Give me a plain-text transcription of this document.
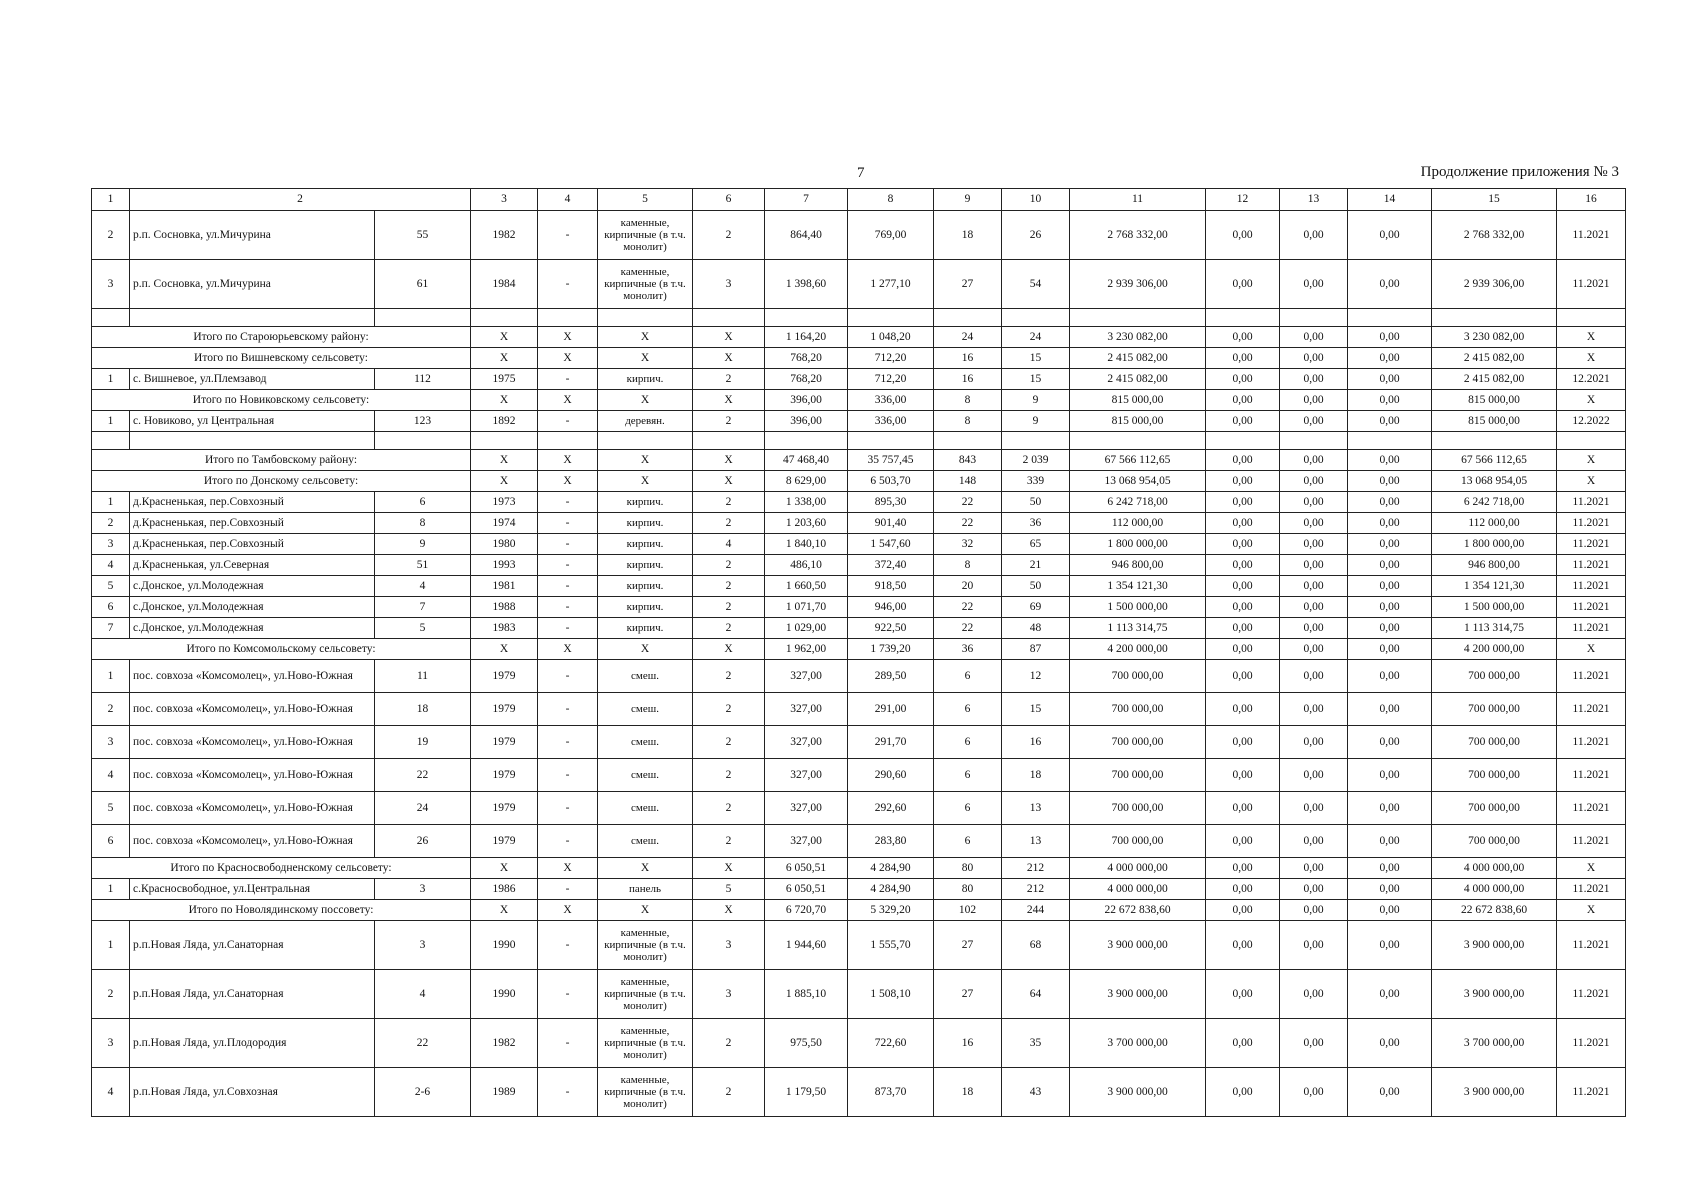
7	Продолжение приложения № 3
1	2		3	4	5	6	7	8	9	10	11	12	13	14	15	16
2	р.п. Сосновка, ул.Мичурина	55	1982	-	каменные, кирпичные (в т.ч. монолит)	2	864,40	769,00	18	26	2 768 332,00	0,00	0,00	0,00	2 768 332,00	11.2021
3	р.п. Сосновка, ул.Мичурина	61	1984	-	каменные, кирпичные (в т.ч. монолит)	3	1 398,60	1 277,10	27	54	2 939 306,00	0,00	0,00	0,00	2 939 306,00	11.2021

Итого по Староюрьевскому району:			X	X	X	X	1 164,20	1 048,20	24	24	3 230 082,00	0,00	0,00	0,00	3 230 082,00	X
Итого по Вишневскому сельсовету:			X	X	X	X	768,20	712,20	16	15	2 415 082,00	0,00	0,00	0,00	2 415 082,00	X
1	с. Вишневое, ул.Племзавод	112	1975	-	кирпич.	2	768,20	712,20	16	15	2 415 082,00	0,00	0,00	0,00	2 415 082,00	12.2021
Итого по Новиковскому сельсовету:			X	X	X	X	396,00	336,00	8	9	815 000,00	0,00	0,00	0,00	815 000,00	X
1	с. Новиково, ул Центральная	123	1892	-	деревян.	2	396,00	336,00	8	9	815 000,00	0,00	0,00	0,00	815 000,00	12.2022

Итого по Тамбовскому району:			X	X	X	X	47 468,40	35 757,45	843	2 039	67 566 112,65	0,00	0,00	0,00	67 566 112,65	X
Итого по Донскому сельсовету:			X	X	X	X	8 629,00	6 503,70	148	339	13 068 954,05	0,00	0,00	0,00	13 068 954,05	X
1	д.Красненькая, пер.Совхозный	6	1973	-	кирпич.	2	1 338,00	895,30	22	50	6 242 718,00	0,00	0,00	0,00	6 242 718,00	11.2021
2	д.Красненькая, пер.Совхозный	8	1974	-	кирпич.	2	1 203,60	901,40	22	36	112 000,00	0,00	0,00	0,00	112 000,00	11.2021
3	д.Красненькая, пер.Совхозный	9	1980	-	кирпич.	4	1 840,10	1 547,60	32	65	1 800 000,00	0,00	0,00	0,00	1 800 000,00	11.2021
4	д.Красненькая, ул.Северная	51	1993	-	кирпич.	2	486,10	372,40	8	21	946 800,00	0,00	0,00	0,00	946 800,00	11.2021
5	с.Донское, ул.Молодежная	4	1981	-	кирпич.	2	1 660,50	918,50	20	50	1 354 121,30	0,00	0,00	0,00	1 354 121,30	11.2021
6	с.Донское, ул.Молодежная	7	1988	-	кирпич.	2	1 071,70	946,00	22	69	1 500 000,00	0,00	0,00	0,00	1 500 000,00	11.2021
7	с.Донское, ул.Молодежная	5	1983	-	кирпич.	2	1 029,00	922,50	22	48	1 113 314,75	0,00	0,00	0,00	1 113 314,75	11.2021
Итого по Комсомольскому сельсовету:			X	X	X	X	1 962,00	1 739,20	36	87	4 200 000,00	0,00	0,00	0,00	4 200 000,00	X
1	пос. совхоза «Комсомолец», ул.Ново-Южная	11	1979	-	смеш.	2	327,00	289,50	6	12	700 000,00	0,00	0,00	0,00	700 000,00	11.2021
2	пос. совхоза «Комсомолец», ул.Ново-Южная	18	1979	-	смеш.	2	327,00	291,00	6	15	700 000,00	0,00	0,00	0,00	700 000,00	11.2021
3	пос. совхоза «Комсомолец», ул.Ново-Южная	19	1979	-	смеш.	2	327,00	291,70	6	16	700 000,00	0,00	0,00	0,00	700 000,00	11.2021
4	пос. совхоза «Комсомолец», ул.Ново-Южная	22	1979	-	смеш.	2	327,00	290,60	6	18	700 000,00	0,00	0,00	0,00	700 000,00	11.2021
5	пос. совхоза «Комсомолец», ул.Ново-Южная	24	1979	-	смеш.	2	327,00	292,60	6	13	700 000,00	0,00	0,00	0,00	700 000,00	11.2021
6	пос. совхоза «Комсомолец», ул.Ново-Южная	26	1979	-	смеш.	2	327,00	283,80	6	13	700 000,00	0,00	0,00	0,00	700 000,00	11.2021
Итого по Красносвободненскому сельсовету:			X	X	X	X	6 050,51	4 284,90	80	212	4 000 000,00	0,00	0,00	0,00	4 000 000,00	X
1	с.Красносвободное, ул.Центральная	3	1986	-	панель	5	6 050,51	4 284,90	80	212	4 000 000,00	0,00	0,00	0,00	4 000 000,00	11.2021
Итого по Новолядинскому поссовету:			X	X	X	X	6 720,70	5 329,20	102	244	22 672 838,60	0,00	0,00	0,00	22 672 838,60	X
1	р.п.Новая Ляда, ул.Санаторная	3	1990	-	каменные, кирпичные (в т.ч. монолит)	3	1 944,60	1 555,70	27	68	3 900 000,00	0,00	0,00	0,00	3 900 000,00	11.2021
2	р.п.Новая Ляда, ул.Санаторная	4	1990	-	каменные, кирпичные (в т.ч. монолит)	3	1 885,10	1 508,10	27	64	3 900 000,00	0,00	0,00	0,00	3 900 000,00	11.2021
3	р.п.Новая Ляда, ул.Плодородия	22	1982	-	каменные, кирпичные (в т.ч. монолит)	2	975,50	722,60	16	35	3 700 000,00	0,00	0,00	0,00	3 700 000,00	11.2021
4	р.п.Новая Ляда, ул.Совхозная	2-6	1989	-	каменные, кирпичные (в т.ч. монолит)	2	1 179,50	873,70	18	43	3 900 000,00	0,00	0,00	0,00	3 900 000,00	11.2021
